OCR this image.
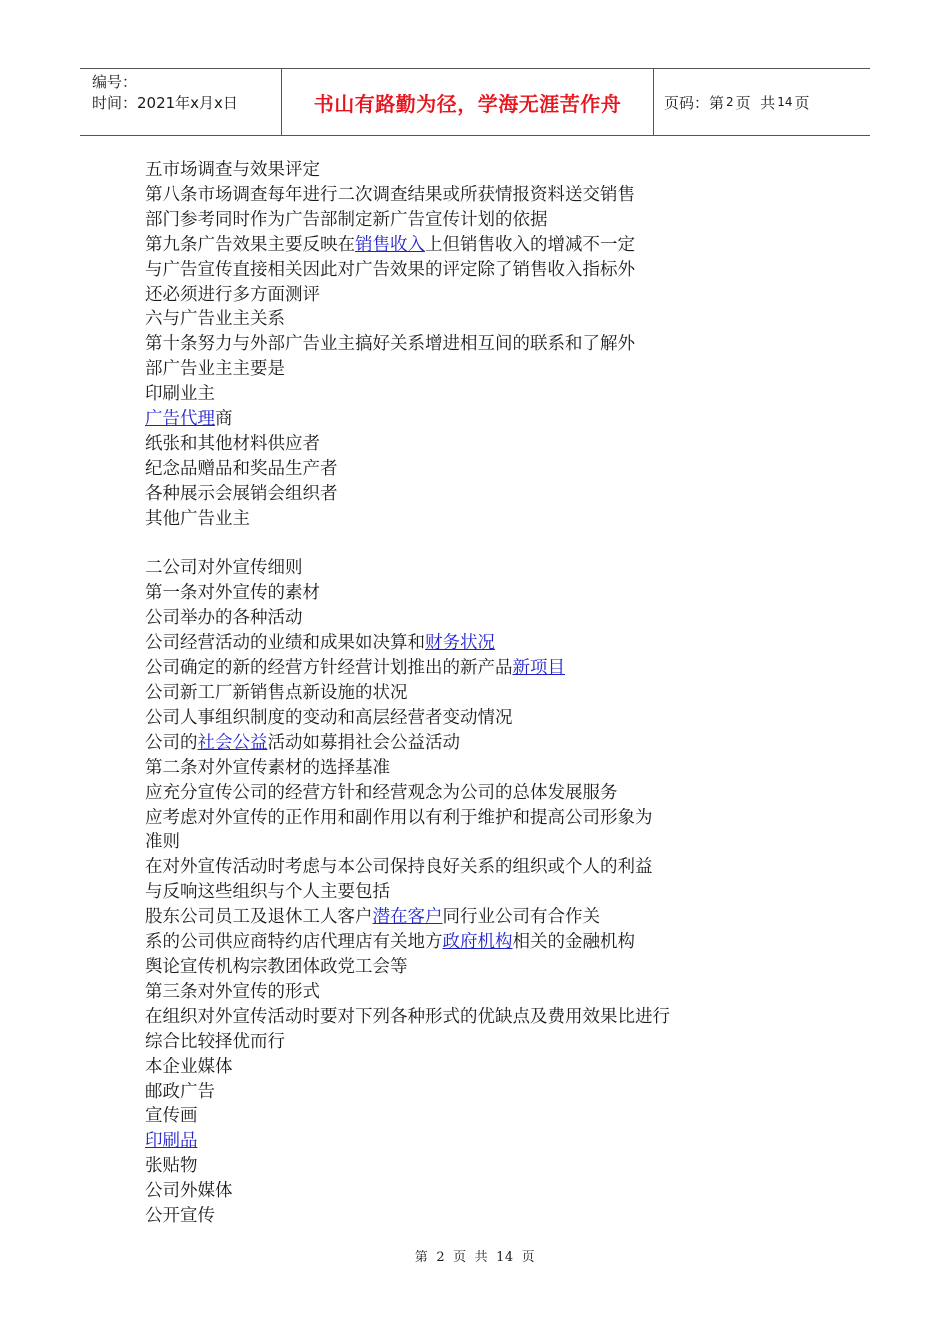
编号：
时间：2021年x月x日	书山有路勤为径，学海无涯苦作舟	页码：第 2 页  共 14 页
五市场调查与效果评定
第八条市场调查每年进行二次调查结果或所获情报资料送交销售
部门参考同时作为广告部制定新广告宣传计划的依据
第九条广告效果主要反映在销售收入上但销售收入的增减不一定
与广告宣传直接相关因此对广告效果的评定除了销售收入指标外
还必须进行多方面测评
六与广告业主关系
第十条努力与外部广告业主搞好关系增进相互间的联系和了解外
部广告业主主要是
印刷业主
广告代理商
纸张和其他材料供应者
纪念品赠品和奖品生产者
各种展示会展销会组织者
其他广告业主
二公司对外宣传细则
第一条对外宣传的素材
公司举办的各种活动
公司经营活动的业绩和成果如决算和财务状况
公司确定的新的经营方针经营计划推出的新产品新项目
公司新工厂新销售点新设施的状况
公司人事组织制度的变动和高层经营者变动情况
公司的社会公益活动如募捐社会公益活动
第二条对外宣传素材的选择基准
应充分宣传公司的经营方针和经营观念为公司的总体发展服务
应考虑对外宣传的正作用和副作用以有利于维护和提高公司形象为
准则
在对外宣传活动时考虑与本公司保持良好关系的组织或个人的利益
与反响这些组织与个人主要包括
股东公司员工及退休工人客户潜在客户同行业公司有合作关
系的公司供应商特约店代理店有关地方政府机构相关的金融机构
舆论宣传机构宗教团体政党工会等
第三条对外宣传的形式
在组织对外宣传活动时要对下列各种形式的优缺点及费用效果比进行
综合比较择优而行
本企业媒体
邮政广告
宣传画
印刷品
张贴物
公司外媒体
公开宣传
第 2 页 共 14 页
